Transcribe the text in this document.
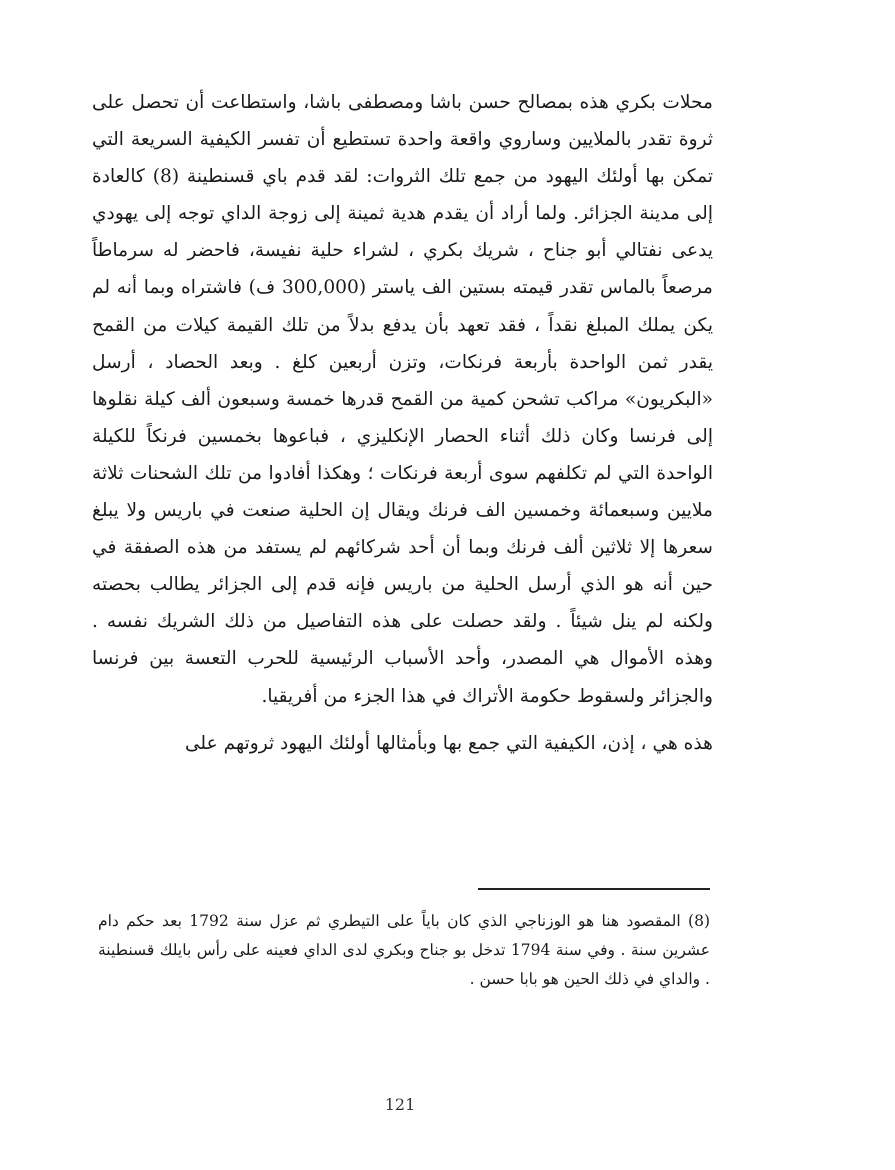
محلات بكري هذه بمصالح حسن باشا ومصطفى باشا، واستطاعت أن تحصل على ثروة تقدر بالملايين وساروي واقعة واحدة تستطيع أن تفسر الكيفية السريعة التي تمكن بها أولئك اليهود من جمع تلك الثروات: لقد قدم باي قسنطينة (8) كالعادة إلى مدينة الجزائر. ولما أراد أن يقدم هدية ثمينة إلى زوجة الداي توجه إلى يهودي يدعى نفتالي أبو جناح ، شريك بكري ، لشراء حلية نفيسة، فاحضر له سرماطاً مرصعاً بالماس تقدر قيمته بستين الف ياستر (300,000 ف) فاشتراه وبما أنه لم يكن يملك المبلغ نقداً ، فقد تعهد بأن يدفع بدلاً من تلك القيمة كيلات من القمح يقدر ثمن الواحدة بأربعة فرنكات، وتزن أربعين كلغ . وبعد الحصاد ، أرسل «البكريون» مراكب تشحن كمية من القمح قدرها خمسة وسبعون ألف كيلة نقلوها إلى فرنسا وكان ذلك أثناء الحصار الإنكليزي ، فباعوها بخمسين فرنكاً للكيلة الواحدة التي لم تكلفهم سوى أربعة فرنكات ؛ وهكذا أفادوا من تلك الشحنات ثلاثة ملايين وسبعمائة وخمسين الف فرنك ويقال إن الحلية صنعت في باريس ولا يبلغ سعرها إلا ثلاثين ألف فرنك وبما أن أحد شركائهم لم يستفد من هذه الصفقة في حين أنه هو الذي أرسل الحلية من باريس فإنه قدم إلى الجزائر يطالب بحصته ولكنه لم ينل شيئاً . ولقد حصلت على هذه التفاصيل من ذلك الشريك نفسه . وهذه الأموال هي المصدر، وأحد الأسباب الرئيسية للحرب التعسة بين فرنسا والجزائر ولسقوط حكومة الأتراك في هذا الجزء من أفريقيا.

هذه هي ، إذن، الكيفية التي جمع بها وبأمثالها أولئك اليهود ثروتهم على

(8) المقصود هنا هو الوزناجي الذي كان باياً على التيطري ثم عزل سنة 1792 بعد حكم دام عشرين سنة . وفي سنة 1794 تدخل بو جناح وبكري لدى الداي فعينه على رأس بايلك قسنطينة . والداي في ذلك الحين هو بابا حسن .

121
